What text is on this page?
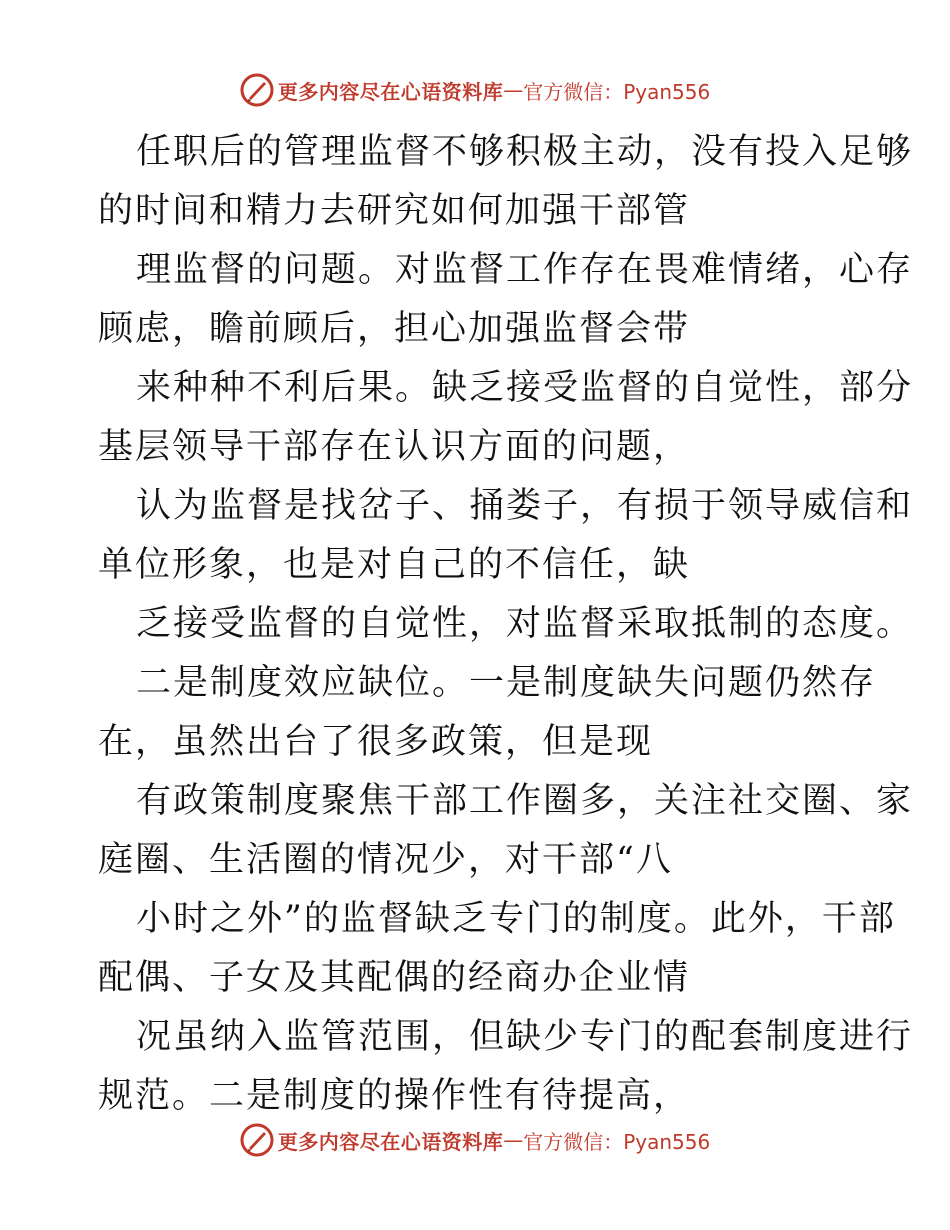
更多内容尽在心语资料库 — 官方微信：Pyan556

任职后的管理监督不够积极主动，没有投入足够
的时间和精力去研究如何加强干部管

理监督的问题。对监督工作存在畏难情绪，心存
顾虑，瞻前顾后，担心加强监督会带

来种种不利后果。缺乏接受监督的自觉性，部分
基层领导干部存在认识方面的问题，

认为监督是找岔子、捅娄子，有损于领导威信和
单位形象，也是对自己的不信任，缺

乏接受监督的自觉性，对监督采取抵制的态度。

二是制度效应缺位。一是制度缺失问题仍然存
在，虽然出台了很多政策，但是现

有政策制度聚焦干部工作圈多，关注社交圈、家
庭圈、生活圈的情况少，对干部“八

小时之外”的监督缺乏专门的制度。此外，干部
配偶、子女及其配偶的经商办企业情

况虽纳入监管范围，但缺少专门的配套制度进行
规范。二是制度的操作性有待提高，

更多内容尽在心语资料库 — 官方微信：Pyan556
